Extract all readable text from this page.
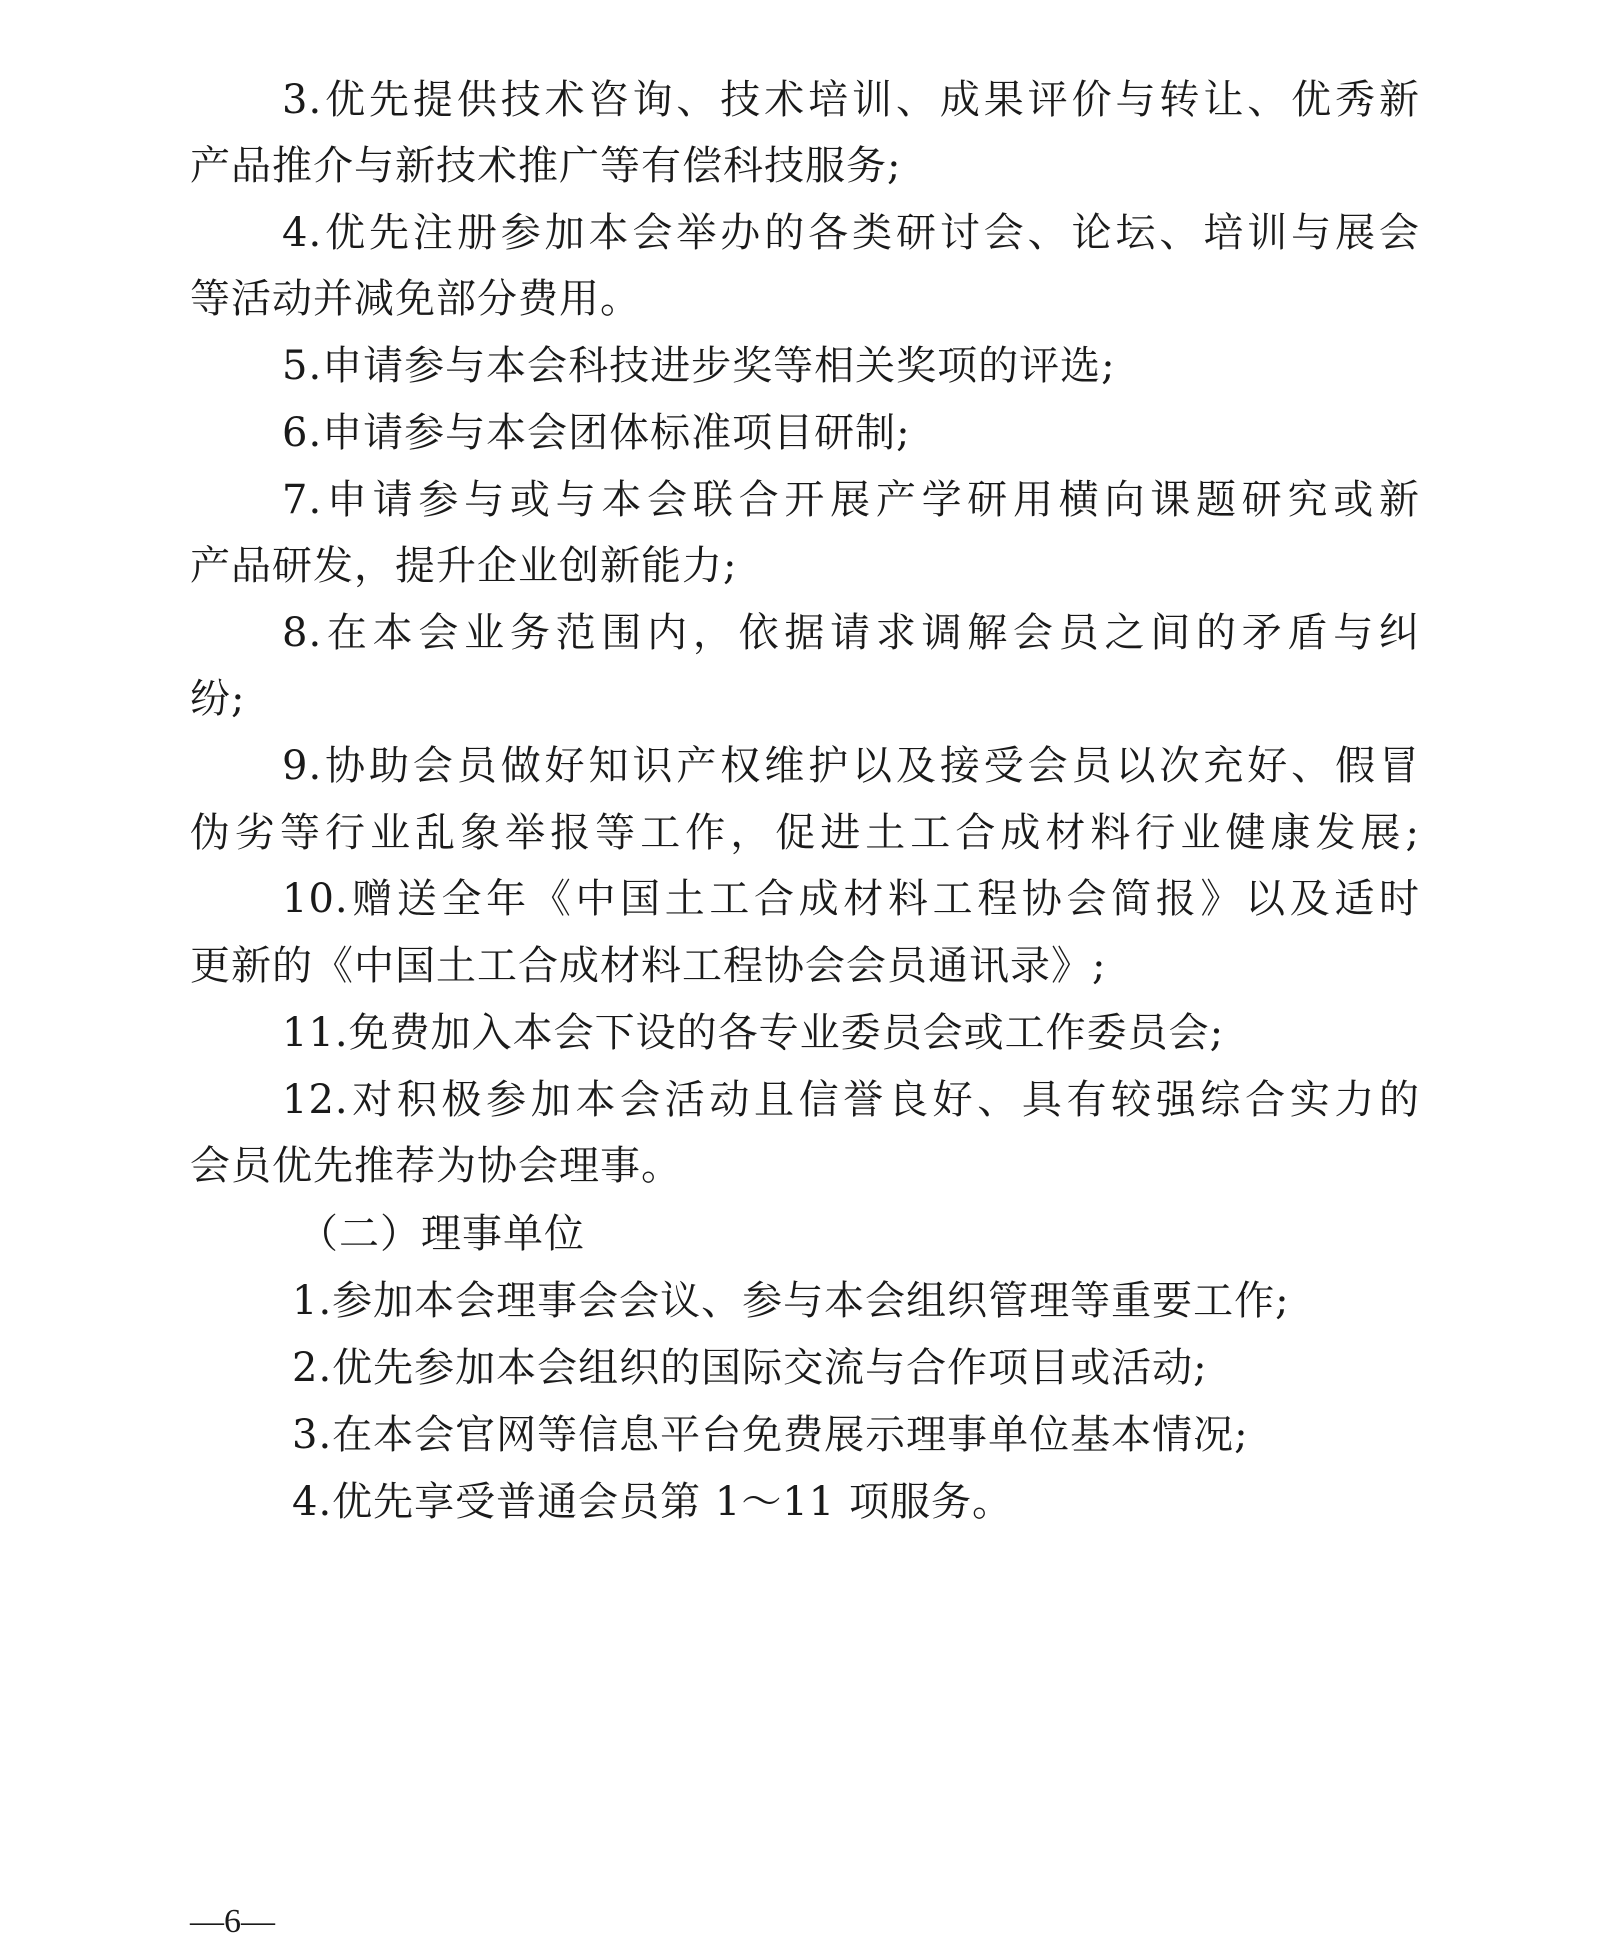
3.优先提供技术咨询、技术培训、成果评价与转让、优秀新
产品推介与新技术推广等有偿科技服务;
4.优先注册参加本会举办的各类研讨会、论坛、培训与展会
等活动并减免部分费用。
5.申请参与本会科技进步奖等相关奖项的评选;
6.申请参与本会团体标准项目研制;
7.申请参与或与本会联合开展产学研用横向课题研究或新
产品研发，提升企业创新能力;
8.在本会业务范围内，依据请求调解会员之间的矛盾与纠
纷;
9.协助会员做好知识产权维护以及接受会员以次充好、假冒
伪劣等行业乱象举报等工作，促进土工合成材料行业健康发展;
10.赠送全年《中国土工合成材料工程协会简报》以及适时
更新的《中国土工合成材料工程协会会员通讯录》;
11.免费加入本会下设的各专业委员会或工作委员会;
12.对积极参加本会活动且信誉良好、具有较强综合实力的
会员优先推荐为协会理事。
（二）理事单位
1.参加本会理事会会议、参与本会组织管理等重要工作;
2.优先参加本会组织的国际交流与合作项目或活动;
3.在本会官网等信息平台免费展示理事单位基本情况;
4.优先享受普通会员第 1～11 项服务。
—6—
